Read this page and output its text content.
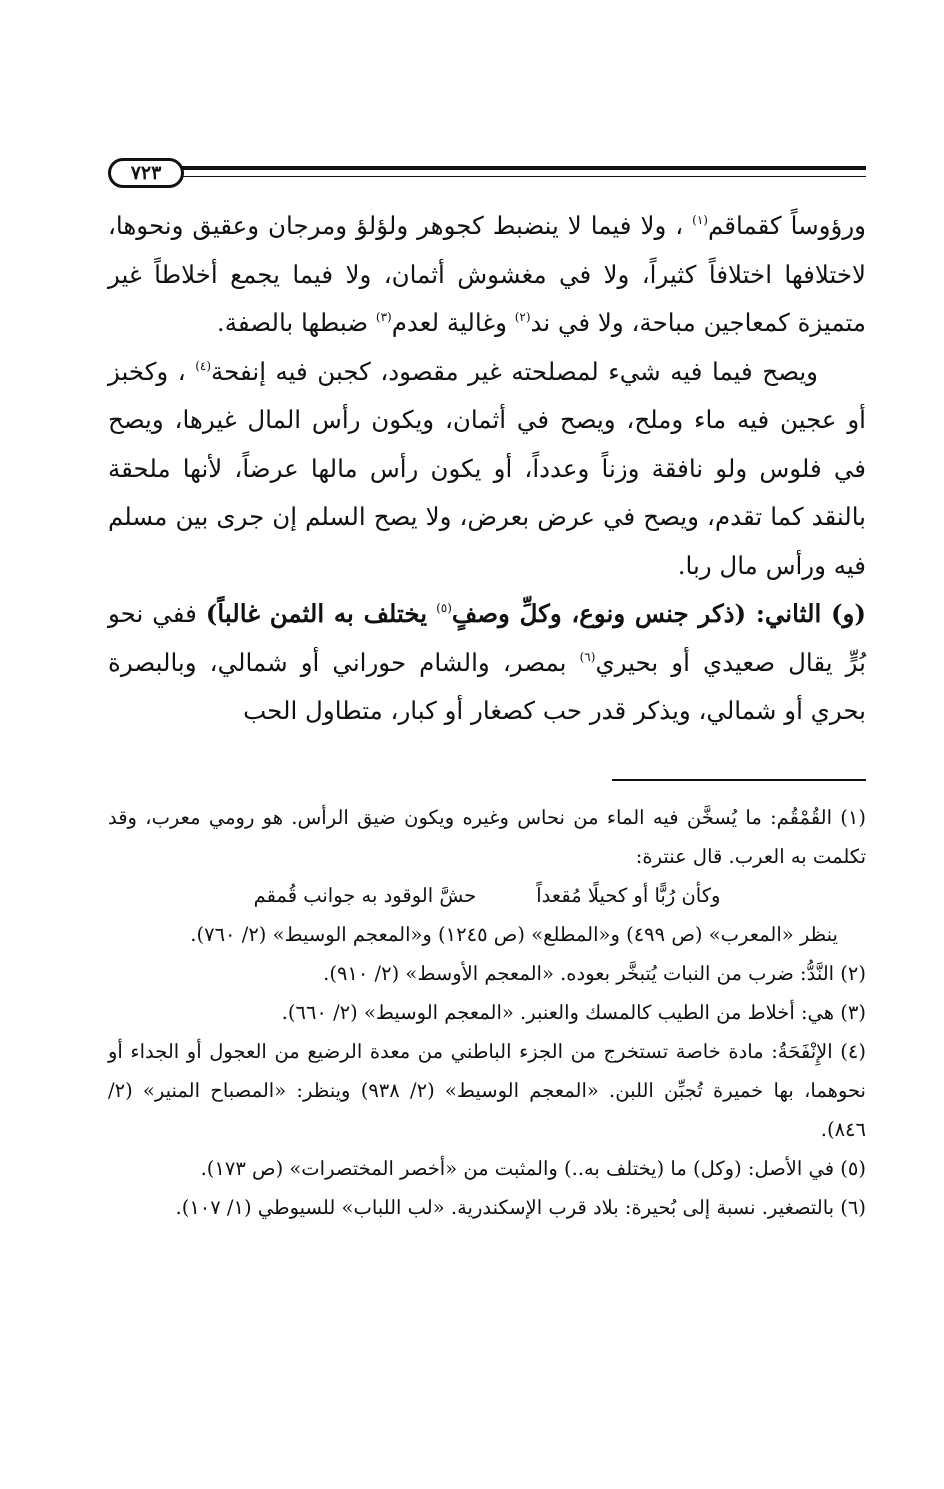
٧٢٣

ورؤوساً كقماقم$^{(١)}$ ، ولا فيما لا ينضبط كجوهر ولؤلؤ ومرجان وعقيق ونحوها، لاختلافها اختلافاً كثيراً، ولا في مغشوش أثمان، ولا فيما يجمع أخلاطاً غير متميزة كمعاجين مباحة، ولا في ند$^{(٢)}$ وغالية لعدم$^{(٣)}$ ضبطها بالصفة.

ويصح فيما فيه شيء لمصلحته غير مقصود، كجبن فيه إنفحة$^{(٤)}$ ، وكخبز أو عجين فيه ماء وملح، ويصح في أثمان، ويكون رأس المال غيرها، ويصح في فلوس ولو نافقة وزناً وعدداً، أو يكون رأس مالها عرضاً، لأنها ملحقة بالنقد كما تقدم، ويصح في عرض بعرض، ولا يصح السلم إن جرى بين مسلم فيه ورأس مال ربا.

(و) الثاني: (ذكر جنس ونوع، وكلِّ وصفٍ$^{(٥)}$ يختلف به الثمن غالباً) ففي نحو بُرٍّ يقال صعيدي أو بحيري$^{(٦)}$ بمصر، والشام حوراني أو شمالي، وبالبصرة بحري أو شمالي، ويذكر قدر حب كصغار أو كبار، متطاول الحب

(١) القُمْقُم: ما يُسخَّن فيه الماء من نحاس وغيره ويكون ضيق الرأس. هو رومي معرب، وقد تكلمت به العرب. قال عنترة:

وكأن رُبًّا أو كحيلًا مُقعداً
حشَّ الوقود به جوانب قُمقم

ينظر «المعرب» (ص ٤٩٩) و«المطلع» (ص ١٢٤٥) و«المعجم الوسيط» (٢/ ٧٦٠).

(٢) النَّدُّ: ضرب من النبات يُتبخَّر بعوده. «المعجم الأوسط» (٢/ ٩١٠).

(٣) هي: أخلاط من الطيب كالمسك والعنبر. «المعجم الوسيط» (٢/ ٦٦٠).

(٤) الإِنْفَحَةُ: مادة خاصة تستخرج من الجزء الباطني من معدة الرضيع من العجول أو الجداء أو نحوهما، بها خميرة تُجبِّن اللبن. «المعجم الوسيط» (٢/ ٩٣٨) وينظر: «المصباح المنير» (٢/ ٨٤٦).

(٥) في الأصل: (وكل) ما (يختلف به..) والمثبت من «أخصر المختصرات» (ص ١٧٣).

(٦) بالتصغير. نسبة إلى بُحيرة: بلاد قرب الإسكندرية. «لب اللباب» للسيوطي (١/ ١٠٧).
